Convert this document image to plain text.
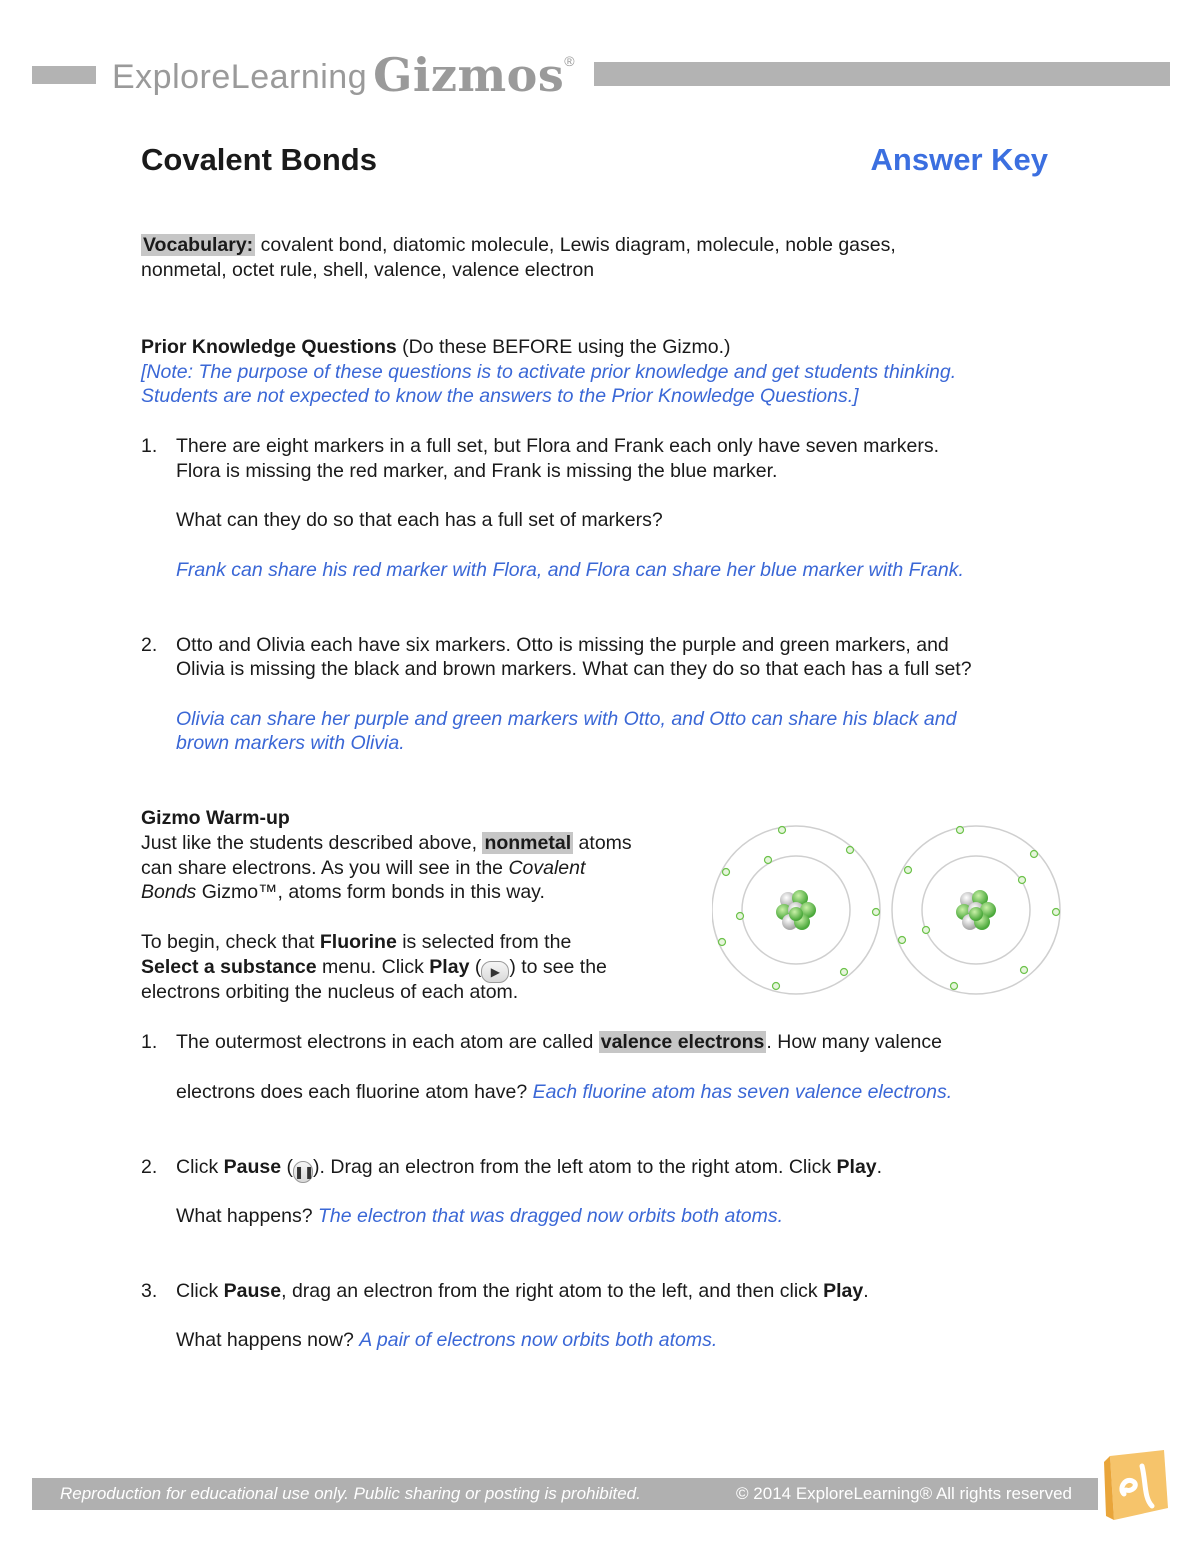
ExploreLearning Gizmos®
Covalent Bonds	Answer Key
Vocabulary: covalent bond, diatomic molecule, Lewis diagram, molecule, noble gases,
nonmetal, octet rule, shell, valence, valence electron
Prior Knowledge Questions (Do these BEFORE using the Gizmo.)
[Note: The purpose of these questions is to activate prior knowledge and get students thinking.
Students are not expected to know the answers to the Prior Knowledge Questions.]
1. There are eight markers in a full set, but Flora and Frank each only have seven markers.
Flora is missing the red marker, and Frank is missing the blue marker.
What can they do so that each has a full set of markers?
Frank can share his red marker with Flora, and Flora can share her blue marker with Frank.
2. Otto and Olivia each have six markers. Otto is missing the purple and green markers, and
Olivia is missing the black and brown markers. What can they do so that each has a full set?
Olivia can share her purple and green markers with Otto, and Otto can share his black and
brown markers with Olivia.
Gizmo Warm-up
Just like the students described above, nonmetal atoms
can share electrons. As you will see in the Covalent
Bonds Gizmo™, atoms form bonds in this way.
To begin, check that Fluorine is selected from the
Select a substance menu. Click Play ( ▶ ) to see the
electrons orbiting the nucleus of each atom.
1. The outermost electrons in each atom are called valence electrons . How many valence
electrons does each fluorine atom have? Each fluorine atom has seven valence electrons.
2. Click Pause (❚❚). Drag an electron from the left atom to the right atom. Click Play.
What happens? The electron that was dragged now orbits both atoms.
3. Click Pause, drag an electron from the right atom to the left, and then click Play.
What happens now? A pair of electrons now orbits both atoms.
Reproduction for educational use only. Public sharing or posting is prohibited.	© 2014 ExploreLearning® All rights reserved
